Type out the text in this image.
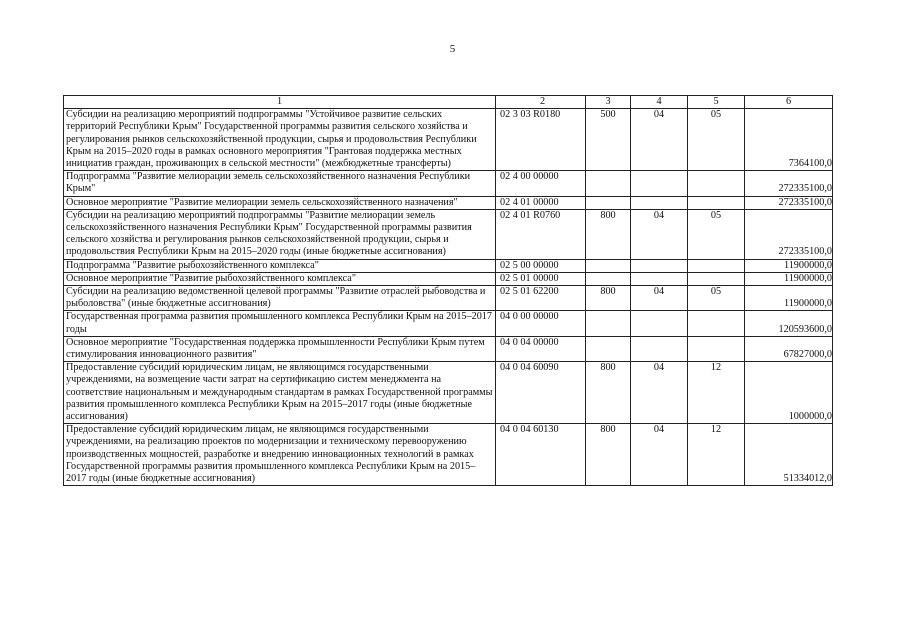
5
1	2	3	4	5	6
Субсидии на реализацию мероприятий подпрограммы "Устойчивое развитие сельских территорий Республики Крым" Государственной программы развития сельского хозяйства и регулирования рынков сельскохозяйственной продукции, сырья и продовольствия Республики Крым на 2015–2020 годы в рамках основного мероприятия "Грантовая поддержка местных инициатив граждан, проживающих в сельской местности" (межбюджетные трансферты)	02 3 03 R0180	500	04	05	7364100,0
Подпрограмма "Развитие мелиорации земель сельскохозяйственного назначения Республики Крым"	02 4 00 00000				272335100,0
Основное мероприятие "Развитие мелиорации земель сельскохозяйственного назначения"	02 4 01 00000				272335100,0
Субсидии на реализацию мероприятий подпрограммы "Развитие мелиорации земель сельскохозяйственного назначения Республики Крым" Государственной программы развития сельского хозяйства и регулирования рынков сельскохозяйственной продукции, сырья и продовольствия Республики Крым на 2015–2020 годы (иные бюджетные ассигнования)	02 4 01 R0760	800	04	05	272335100,0
Подпрограмма "Развитие рыбохозяйственного комплекса"	02 5 00 00000				11900000,0
Основное мероприятие "Развитие рыбохозяйственного комплекса"	02 5 01 00000				11900000,0
Субсидии на реализацию ведомственной целевой программы "Развитие отраслей рыбоводства и рыболовства" (иные бюджетные ассигнования)	02 5 01 62200	800	04	05	11900000,0
Государственная программа развития промышленного комплекса Республики Крым на 2015–2017 годы	04 0 00 00000				120593600,0
Основное мероприятие "Государственная поддержка промышленности Республики Крым путем стимулирования инновационного развития"	04 0 04 00000				67827000,0
Предоставление субсидий юридическим лицам, не являющимся государственными учреждениями, на возмещение части затрат на сертификацию систем менеджмента на соответствие национальным и международным стандартам в рамках Государственной программы развития промышленного комплекса Республики Крым на 2015–2017 годы (иные бюджетные ассигнования)	04 0 04 60090	800	04	12	1000000,0
Предоставление субсидий юридическим лицам, не являющимся государственными учреждениями, на реализацию проектов по модернизации и техническому перевооружению производственных мощностей, разработке и внедрению инновационных технологий в рамках Государственной программы развития промышленного комплекса Республики Крым на 2015–2017 годы (иные бюджетные ассигнования)	04 0 04 60130	800	04	12	51334012,0
